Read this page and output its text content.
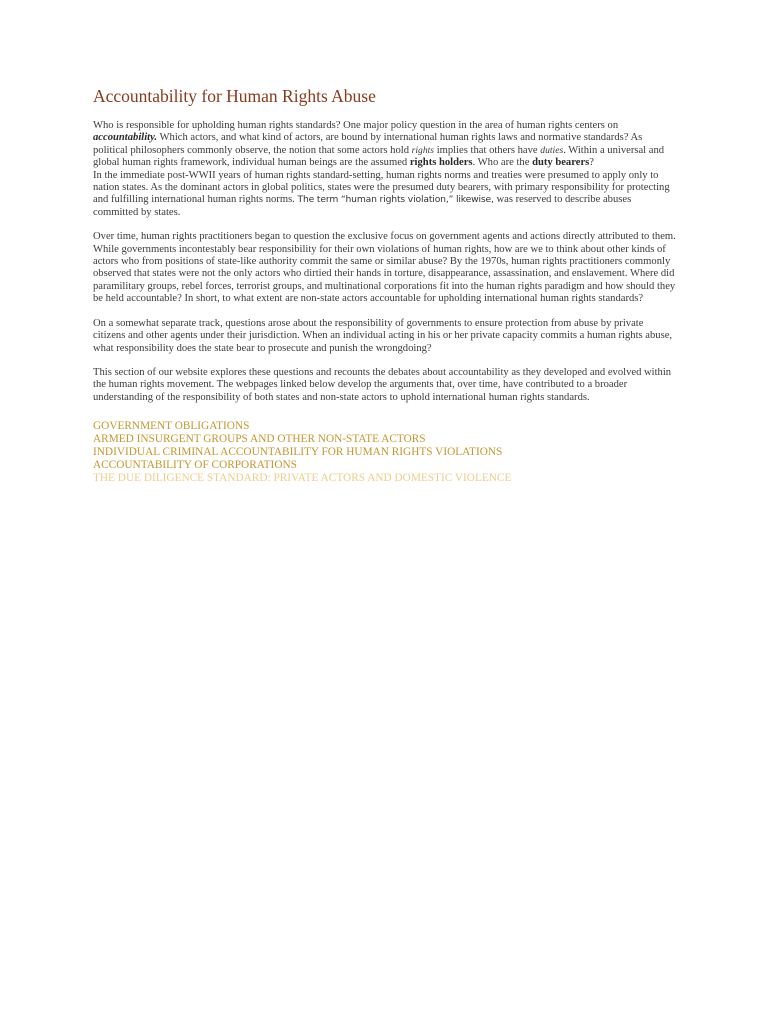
Accountability for Human Rights Abuse

Who is responsible for upholding human rights standards? One major policy question in the area of human rights centers on accountability. Which actors, and what kind of actors, are bound by international human rights laws and normative standards? As political philosophers commonly observe, the notion that some actors hold rights implies that others have duties. Within a universal and global human rights framework, individual human beings are the assumed rights holders. Who are the duty bearers?

In the immediate post-WWII years of human rights standard-setting, human rights norms and treaties were presumed to apply only to nation states. As the dominant actors in global politics, states were the presumed duty bearers, with primary responsibility for protecting and fulfilling international human rights norms. The term “human rights violation,” likewise, was reserved to describe abuses committed by states.

Over time, human rights practitioners began to question the exclusive focus on government agents and actions directly attributed to them. While governments incontestably bear responsibility for their own violations of human rights, how are we to think about other kinds of actors who from positions of state-like authority commit the same or similar abuse? By the 1970s, human rights practitioners commonly observed that states were not the only actors who dirtied their hands in torture, disappearance, assassination, and enslavement. Where did paramilitary groups, rebel forces, terrorist groups, and multinational corporations fit into the human rights paradigm and how should they be held accountable? In short, to what extent are non-state actors accountable for upholding international human rights standards?

On a somewhat separate track, questions arose about the responsibility of governments to ensure protection from abuse by private citizens and other agents under their jurisdiction. When an individual acting in his or her private capacity commits a human rights abuse, what responsibility does the state bear to prosecute and punish the wrongdoing?

This section of our website explores these questions and recounts the debates about accountability as they developed and evolved within the human rights movement. The webpages linked below develop the arguments that, over time, have contributed to a broader understanding of the responsibility of both states and non-state actors to uphold international human rights standards.

GOVERNMENT OBLIGATIONS
ARMED INSURGENT GROUPS AND OTHER NON-STATE ACTORS
INDIVIDUAL CRIMINAL ACCOUNTABILITY FOR HUMAN RIGHTS VIOLATIONS
ACCOUNTABILITY OF CORPORATIONS
THE DUE DILIGENCE STANDARD: PRIVATE ACTORS AND DOMESTIC VIOLENCE
